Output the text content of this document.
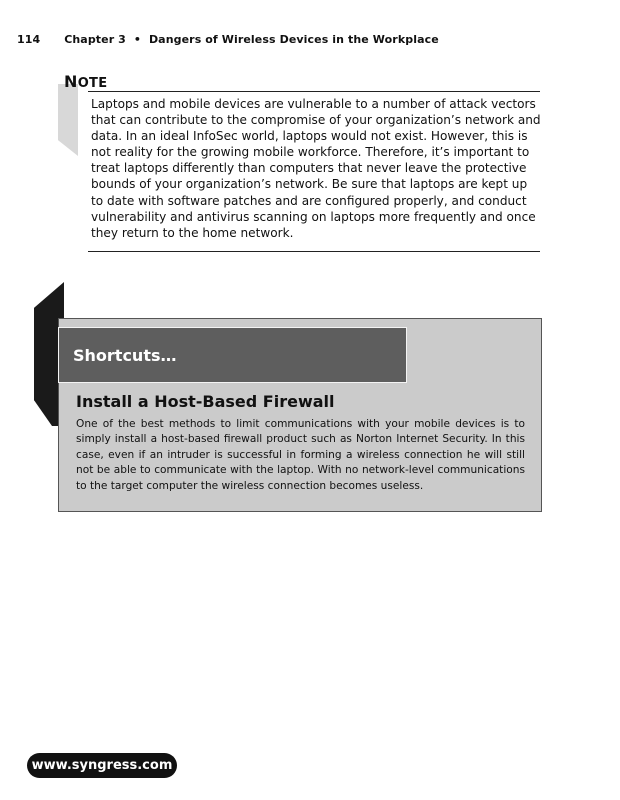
114 Chapter 3 • Dangers of Wireless Devices in the Workplace
NOTE

Laptops and mobile devices are vulnerable to a number of attack vectors that can contribute to the compromise of your organization’s network and data. In an ideal InfoSec world, laptops would not exist. However, this is not reality for the growing mobile workforce. Therefore, it’s important to treat laptops differently than computers that never leave the protective bounds of your organization’s network. Be sure that laptops are kept up to date with software patches and are configured properly, and conduct vulnerability and antivirus scanning on laptops more frequently and once they return to the home network.

Shortcuts…
Install a Host-Based Firewall

One of the best methods to limit communications with your mobile devices is to simply install a host-based firewall product such as Norton Internet Security. In this case, even if an intruder is successful in forming a wireless connection he will still not be able to communicate with the laptop. With no network-level communications to the target computer the wireless connection becomes useless.

www.syngress.com
